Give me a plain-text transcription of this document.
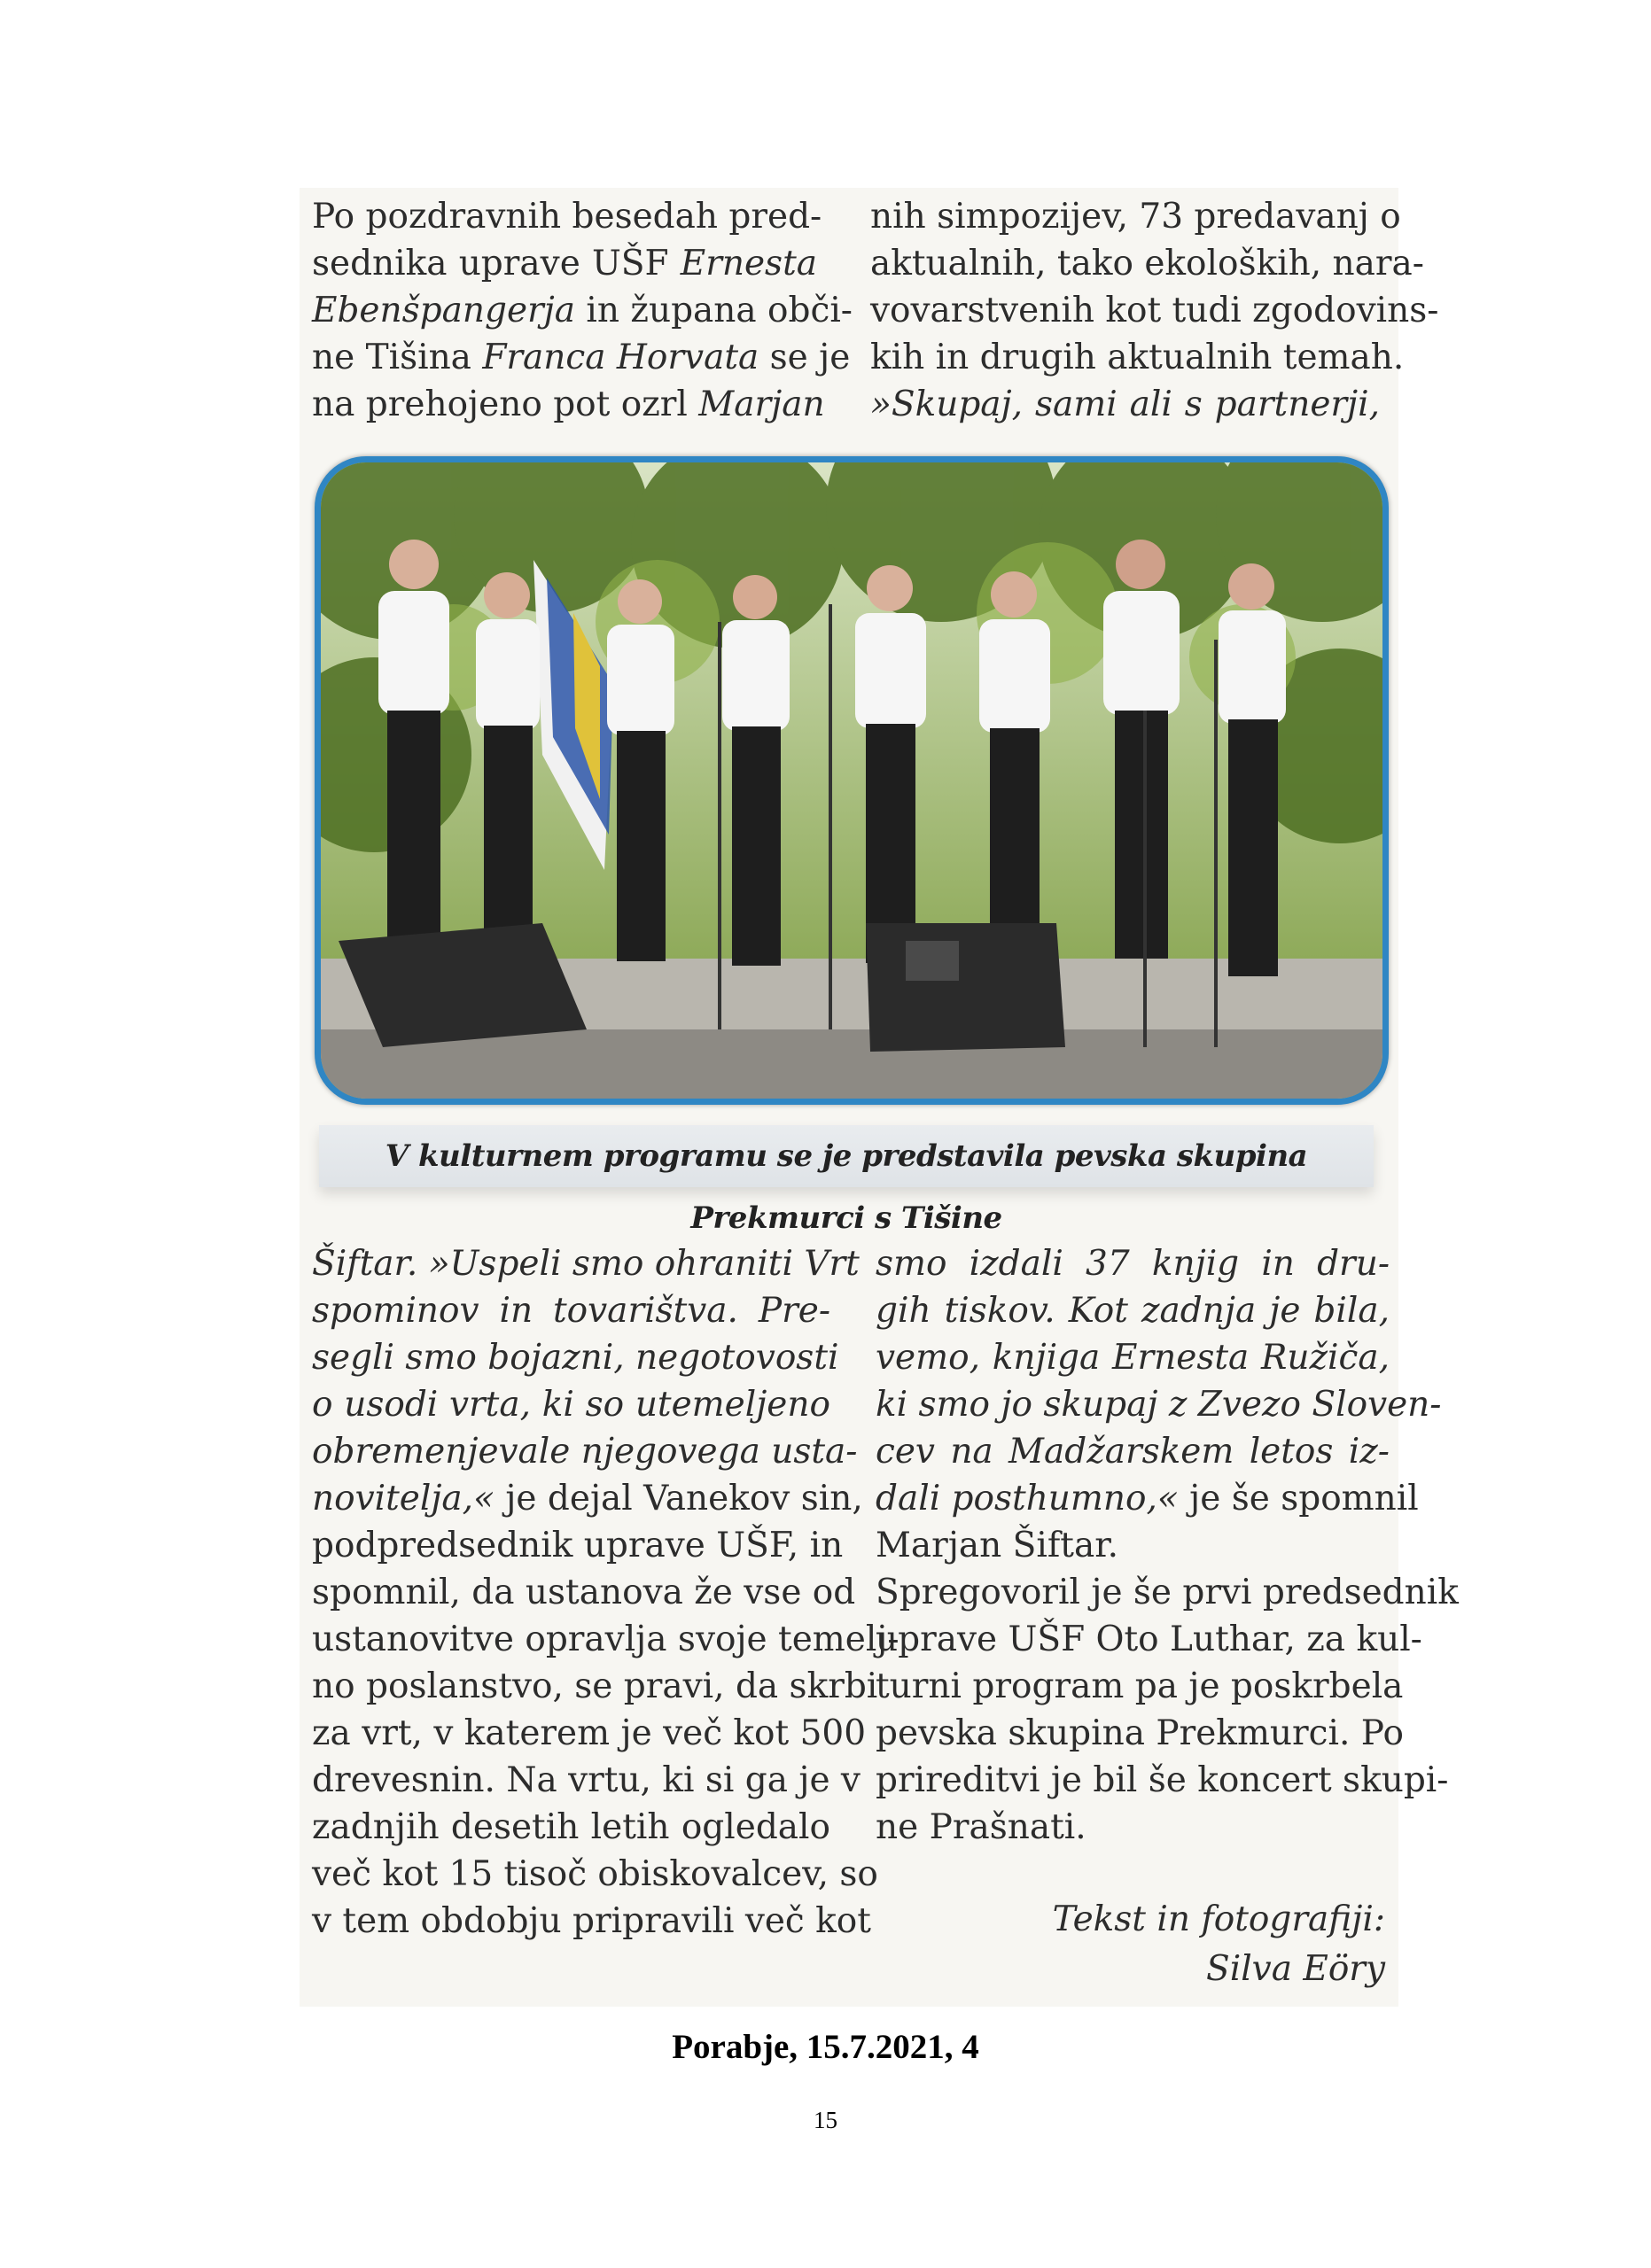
Po pozdravnih besedah pred-
sednika uprave UŠF Ernesta
Ebenšpangerja in župana obči-
ne Tišina Franca Horvata se je
na prehojeno pot ozrl Marjan
nih simpozijev, 73 predavanj o
aktualnih, tako ekoloških, nara-
vovarstvenih kot tudi zgodovins-
kih in drugih aktualnih temah.
»Skupaj, sami ali s partnerji,
V kulturnem programu se je predstavila pevska skupina Prekmurci s Tišine
Šiftar. »Uspeli smo ohraniti Vrt
spominov in tovarištva. Pre-
segli smo bojazni, negotovosti
o usodi vrta, ki so utemeljeno
obremenjevale njegovega usta-
novitelja,« je dejal Vanekov sin,
podpredsednik uprave UŠF, in
spomnil, da ustanova že vse od
ustanovitve opravlja svoje temelj-
no poslanstvo, se pravi, da skrbi
za vrt, v katerem je več kot 500
drevesnin. Na vrtu, ki si ga je v
zadnjih desetih letih ogledalo
več kot 15 tisoč obiskovalcev, so
v tem obdobju pripravili več kot
smo izdali 37 knjig in dru-
gih tiskov. Kot zadnja je bila,
vemo, knjiga Ernesta Ružiča,
ki smo jo skupaj z Zvezo Sloven-
cev na Madžarskem letos iz-
dali posthumno,« je še spomnil
Marjan Šiftar.
Spregovoril je še prvi predsednik
uprave UŠF Oto Luthar, za kul-
turni program pa je poskrbela
pevska skupina Prekmurci. Po
prireditvi je bil še koncert skupi-
ne Prašnati.
Tekst in fotografiji:
Silva Eöry
Porabje, 15.7.2021, 4
15
